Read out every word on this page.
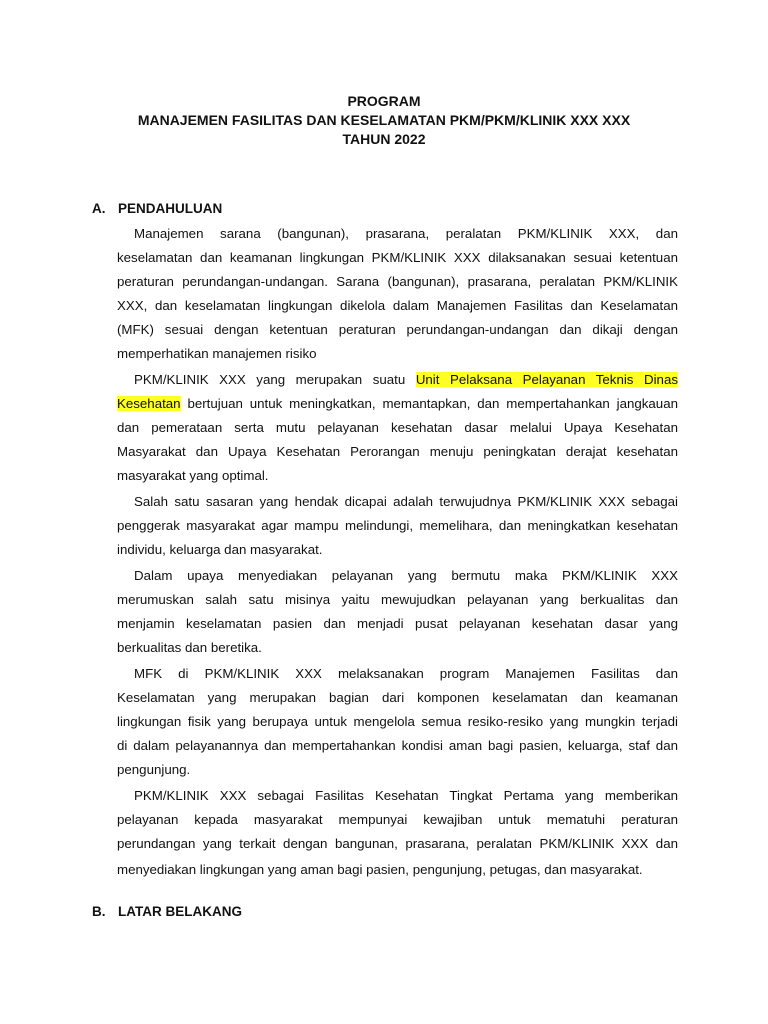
PROGRAM
MANAJEMEN FASILITAS DAN KESELAMATAN PKM/PKM/KLINIK XXX XXX
TAHUN 2022
A. PENDAHULUAN
Manajemen sarana (bangunan), prasarana, peralatan PKM/KLINIK XXX, dan
keselamatan dan keamanan lingkungan PKM/KLINIK XXX dilaksanakan sesuai ketentuan
peraturan perundangan-undangan. Sarana (bangunan), prasarana, peralatan PKM/KLINIK
XXX, dan keselamatan lingkungan dikelola dalam Manajemen Fasilitas dan Keselamatan
(MFK) sesuai dengan ketentuan peraturan perundangan-undangan dan dikaji dengan
memperhatikan manajemen risiko
PKM/KLINIK XXX yang merupakan suatu Unit Pelaksana Pelayanan Teknis Dinas
Kesehatan bertujuan untuk meningkatkan, memantapkan, dan mempertahankan jangkauan
dan pemerataan serta mutu pelayanan kesehatan dasar melalui Upaya Kesehatan
Masyarakat dan Upaya Kesehatan Perorangan menuju peningkatan derajat kesehatan
masyarakat yang optimal.
Salah satu sasaran yang hendak dicapai adalah terwujudnya PKM/KLINIK XXX sebagai
penggerak masyarakat agar mampu melindungi, memelihara, dan meningkatkan kesehatan
individu, keluarga dan masyarakat.
Dalam upaya menyediakan pelayanan yang bermutu maka PKM/KLINIK XXX
merumuskan salah satu misinya yaitu mewujudkan pelayanan yang berkualitas dan
menjamin keselamatan pasien dan menjadi pusat pelayanan kesehatan dasar yang
berkualitas dan beretika.
MFK di PKM/KLINIK XXX melaksanakan program Manajemen Fasilitas dan
Keselamatan yang merupakan bagian dari komponen keselamatan dan keamanan
lingkungan fisik yang berupaya untuk mengelola semua resiko-resiko yang mungkin terjadi
di dalam pelayanannya dan mempertahankan kondisi aman bagi pasien, keluarga, staf dan
pengunjung.
PKM/KLINIK XXX sebagai Fasilitas Kesehatan Tingkat Pertama yang memberikan
pelayanan kepada masyarakat mempunyai kewajiban untuk mematuhi peraturan
perundangan yang terkait dengan bangunan, prasarana, peralatan PKM/KLINIK XXX dan
menyediakan lingkungan yang aman bagi pasien, pengunjung, petugas, dan masyarakat.
B. LATAR BELAKANG
